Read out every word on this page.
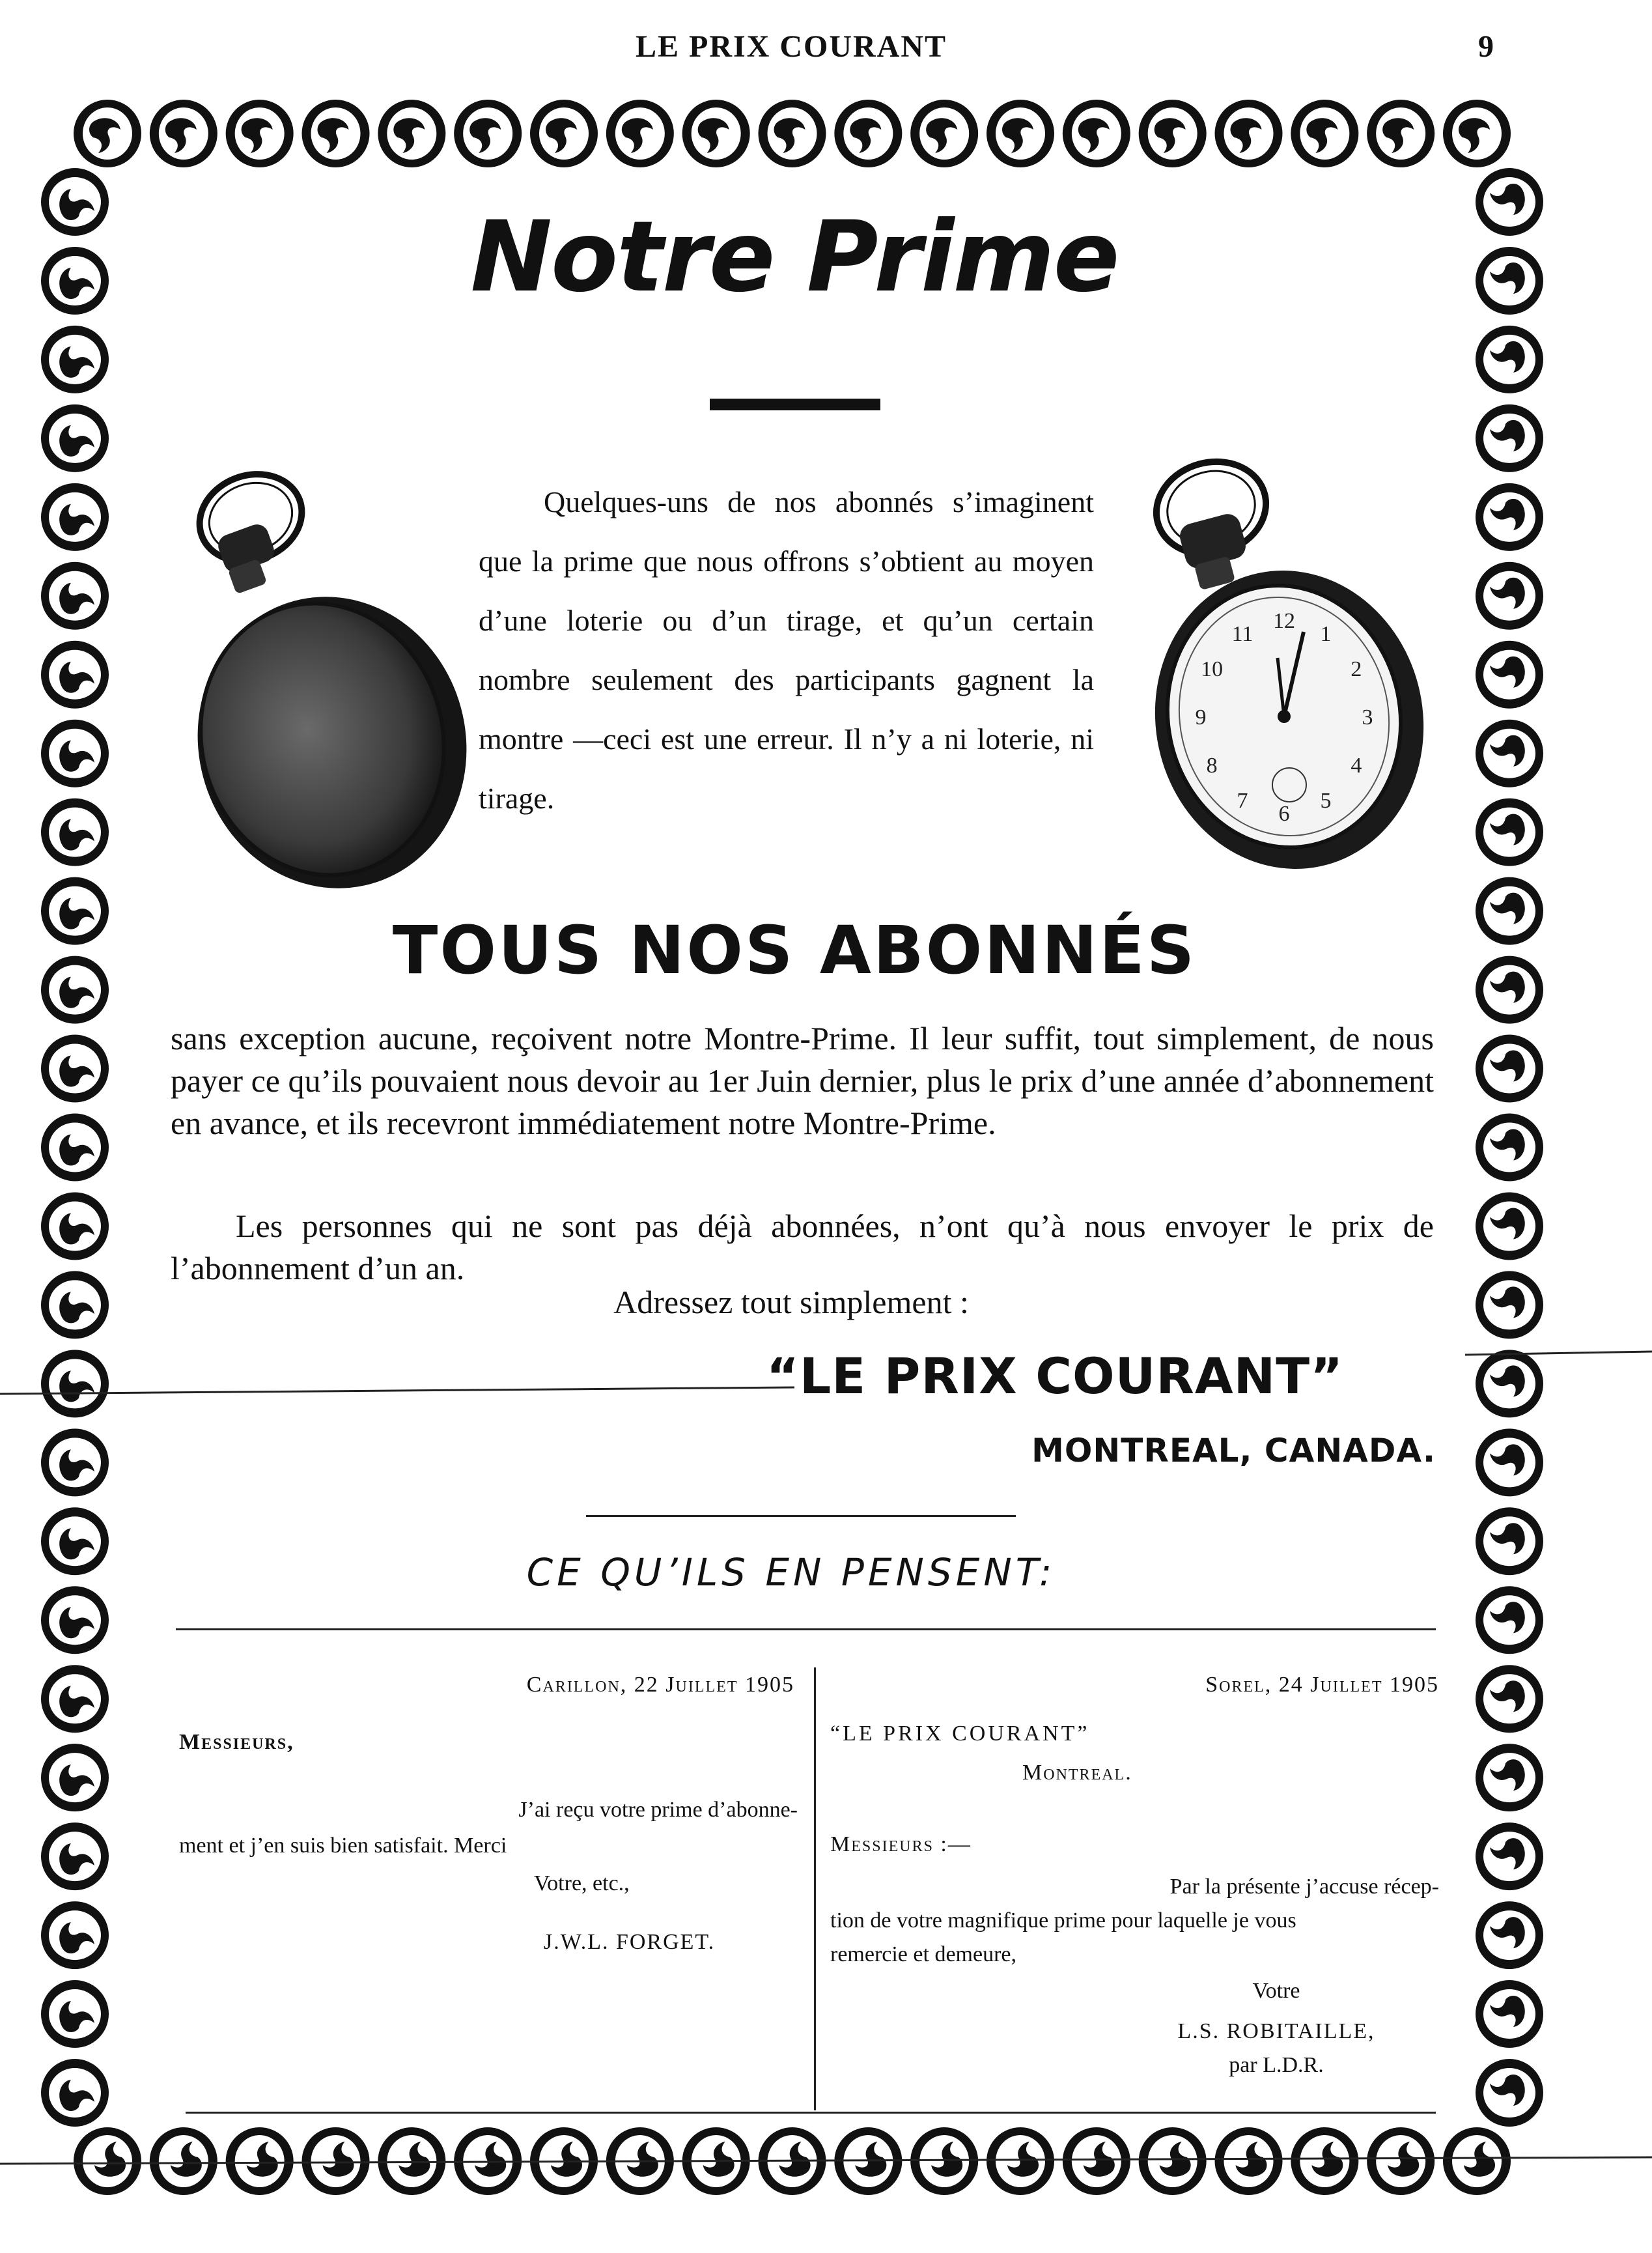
LE PRIX COURANT	9
Notre Prime
12
1
2
3
4
5
6
7
8
9
10
11
Quelques-uns de nos abonnés s’imaginent que la prime que nous offrons s’obtient au moyen d’une loterie ou d’un tirage, et qu’un certain nombre seulement des participants gagnent la montre —ceci est une erreur. Il n’y a ni loterie, ni tirage.
TOUS NOS ABONNÉS
sans exception aucune, reçoivent notre Montre-Prime. Il leur suffit, tout simplement, de nous payer ce qu’ils pouvaient nous devoir au 1er Juin dernier, plus le prix d’une année d’abonnement en avance, et ils recevront immédiatement notre Montre-Prime.
Les personnes qui ne sont pas déjà abonnées, n’ont qu’à nous envoyer le prix de l’abonnement d’un an.
Adressez tout simplement :
“LE PRIX COURANT”
MONTREAL, CANADA.
CE QU’ILS EN PENSENT:
Carillon, 22 Juillet 1905
Messieurs,
J’ai reçu votre prime d’abonne-
ment et j’en suis bien satisfait. Merci
Votre, etc.,
J.W.L. FORGET.
Sorel, 24 Juillet 1905
“LE PRIX COURANT”
Montreal.
Messieurs :—
Par la présente j’accuse récep-
tion de votre magnifique prime pour laquelle je vous
remercie et demeure,
Votre
L.S. ROBITAILLE,
par L.D.R.
